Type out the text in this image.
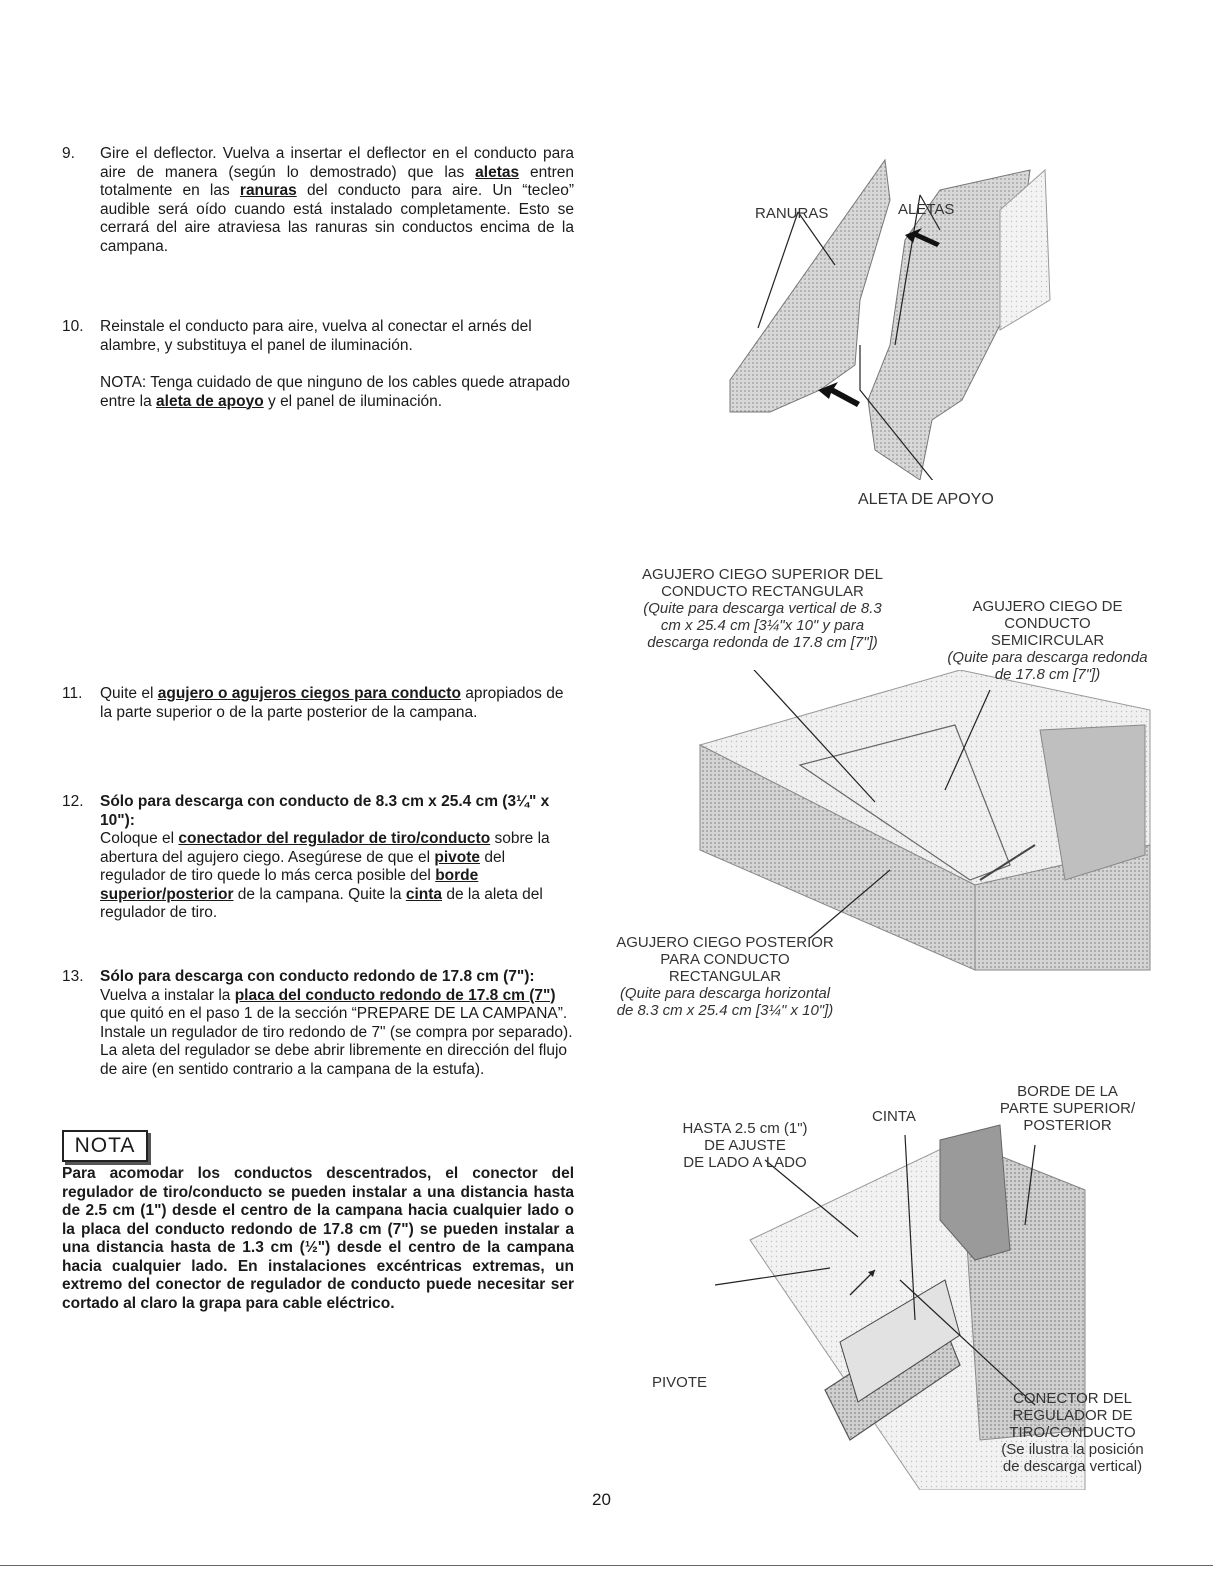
9.	Gire el deflector. Vuelva a insertar el deflector en el conducto para aire de manera (según lo demostrado) que las aletas entren totalmente en las ranuras del conducto para aire. Un “tecleo” audible será oído cuando está instalado completamente. Esto se cerrará del aire atraviesa las ranuras sin conductos encima de la campana.

10.	Reinstale el conducto para aire, vuelva al conectar el arnés del alambre, y substituya el panel de iluminación.

NOTA: Tenga cuidado de que ninguno de los cables quede atrapado entre la aleta de apoyo y el panel de iluminación.

11.	Quite el agujero o agujeros ciegos para conducto apropiados de la parte superior o de la parte posterior de la campana.

12.	Sólo para descarga con conducto de 8.3 cm x 25.4 cm (3¼" x 10"):

Coloque el conectador del regulador de tiro/conducto sobre la abertura del agujero ciego. Asegúrese de que el pivote del regulador de tiro quede lo más cerca posible del borde superior/posterior de la campana. Quite la cinta de la aleta del regulador de tiro.

13.	Sólo para descarga con conducto redondo de 17.8 cm (7"):

Vuelva a instalar la placa del conducto redondo de 17.8 cm (7") que quitó en el paso 1 de la sección “PREPARE DE LA CAMPANA”. Instale un regulador de tiro redondo de 7" (se compra por separado). La aleta del regulador se debe abrir libremente en dirección del flujo de aire (en sentido contrario a la campana de la estufa).

NOTA

Para acomodar los conductos descentrados, el conector del regulador de tiro/conducto se pueden instalar a una distancia hasta de 2.5 cm (1") desde el centro de la campana hacia cualquier lado o la placa del conducto redondo de 17.8 cm (7") se pueden instalar a una distancia hasta de 1.3 cm (½") desde el centro de la campana hacia cualquier lado. En instalaciones excéntricas extremas, un extremo del conector de regulador de conducto puede necesitar ser cortado al claro la grapa para cable eléctrico.

RANURAS	ALETAS
ALETA DE APOYO
AGUJERO CIEGO SUPERIOR DEL
CONDUCTO RECTANGULAR
(Quite para descarga vertical de 8.3
cm x 25.4 cm [3¼"x 10" y para
descarga redonda de 17.8 cm [7"])
AGUJERO CIEGO DE
CONDUCTO
SEMICIRCULAR
(Quite para descarga redonda
de 17.8 cm [7"])
AGUJERO CIEGO POSTERIOR
PARA CONDUCTO
RECTANGULAR
(Quite para descarga horizontal
de 8.3 cm x 25.4 cm [3¼" x 10"])
HASTA 2.5 cm (1")
DE AJUSTE
DE LADO A LADO
CINTA
BORDE DE LA
PARTE SUPERIOR/
POSTERIOR
PIVOTE
CONECTOR DEL
REGULADOR DE
TIRO/CONDUCTO
(Se ilustra la posición
de descarga vertical)
20
